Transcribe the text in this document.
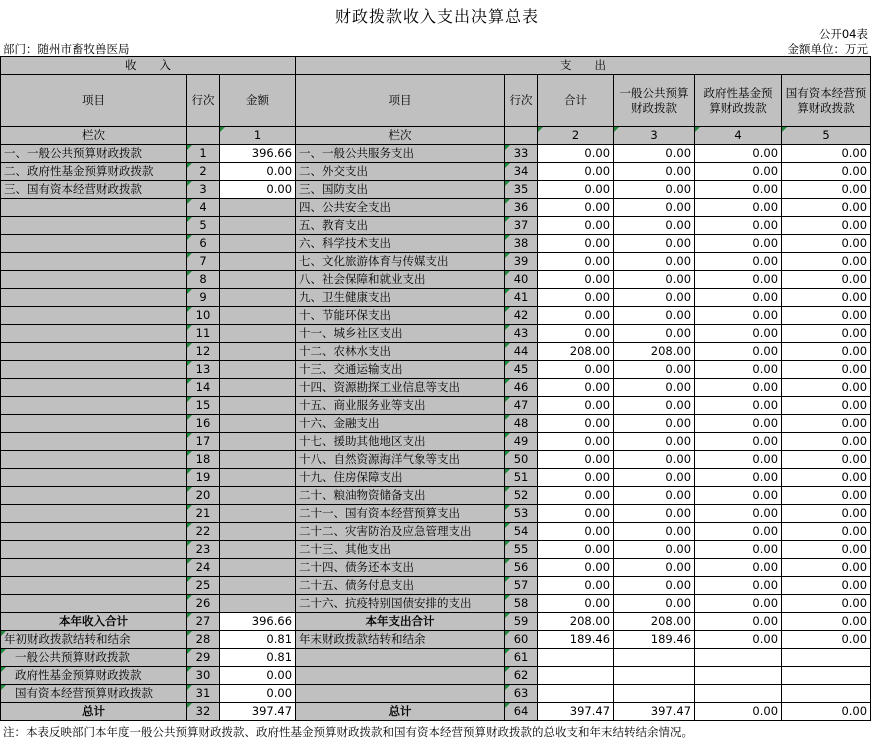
财政拨款收入支出决算总表
公开04表
部门：随州市畜牧兽医局	金额单位：万元
收　　入			支　　出					
项目	行次	金额	项目	行次	合计	一般公共预算财政拨款	政府性基金预算财政拨款	国有资本经营预算财政拨款
栏次		1	栏次		2	3	4	5
一、一般公共预算财政拨款	1	396.66	一、一般公共服务支出	33	0.00	0.00	0.00	0.00
二、政府性基金预算财政拨款	2	0.00	二、外交支出	34	0.00	0.00	0.00	0.00
三、国有资本经营财政拨款	3	0.00	三、国防支出	35	0.00	0.00	0.00	0.00
	4		四、公共安全支出	36	0.00	0.00	0.00	0.00
	5		五、教育支出	37	0.00	0.00	0.00	0.00
	6		六、科学技术支出	38	0.00	0.00	0.00	0.00
	7		七、文化旅游体育与传媒支出	39	0.00	0.00	0.00	0.00
	8		八、社会保障和就业支出	40	0.00	0.00	0.00	0.00
	9		九、卫生健康支出	41	0.00	0.00	0.00	0.00
	10		十、节能环保支出	42	0.00	0.00	0.00	0.00
	11		十一、城乡社区支出	43	0.00	0.00	0.00	0.00
	12		十二、农林水支出	44	208.00	208.00	0.00	0.00
	13		十三、交通运输支出	45	0.00	0.00	0.00	0.00
	14		十四、资源勘探工业信息等支出	46	0.00	0.00	0.00	0.00
	15		十五、商业服务业等支出	47	0.00	0.00	0.00	0.00
	16		十六、金融支出	48	0.00	0.00	0.00	0.00
	17		十七、援助其他地区支出	49	0.00	0.00	0.00	0.00
	18		十八、自然资源海洋气象等支出	50	0.00	0.00	0.00	0.00
	19		十九、住房保障支出	51	0.00	0.00	0.00	0.00
	20		二十、粮油物资储备支出	52	0.00	0.00	0.00	0.00
	21		二十一、国有资本经营预算支出	53	0.00	0.00	0.00	0.00
	22		二十二、灾害防治及应急管理支出	54	0.00	0.00	0.00	0.00
	23		二十三、其他支出	55	0.00	0.00	0.00	0.00
	24		二十四、债务还本支出	56	0.00	0.00	0.00	0.00
	25		二十五、债务付息支出	57	0.00	0.00	0.00	0.00
	26		二十六、抗疫特别国债安排的支出	58	0.00	0.00	0.00	0.00
本年收入合计	27	396.66	本年支出合计	59	208.00	208.00	0.00	0.00
年初财政拨款结转和结余	28	0.81	年末财政拨款结转和结余	60	189.46	189.46	0.00	0.00
一般公共预算财政拨款	29	0.81		61				
政府性基金预算财政拨款	30	0.00		62				
国有资本经营预算财政拨款	31	0.00		63				
总计	32	397.47	总计	64	397.47	397.47	0.00	0.00
注：本表反映部门本年度一般公共预算财政拨款、政府性基金预算财政拨款和国有资本经营预算财政拨款的总收支和年末结转结余情况。
